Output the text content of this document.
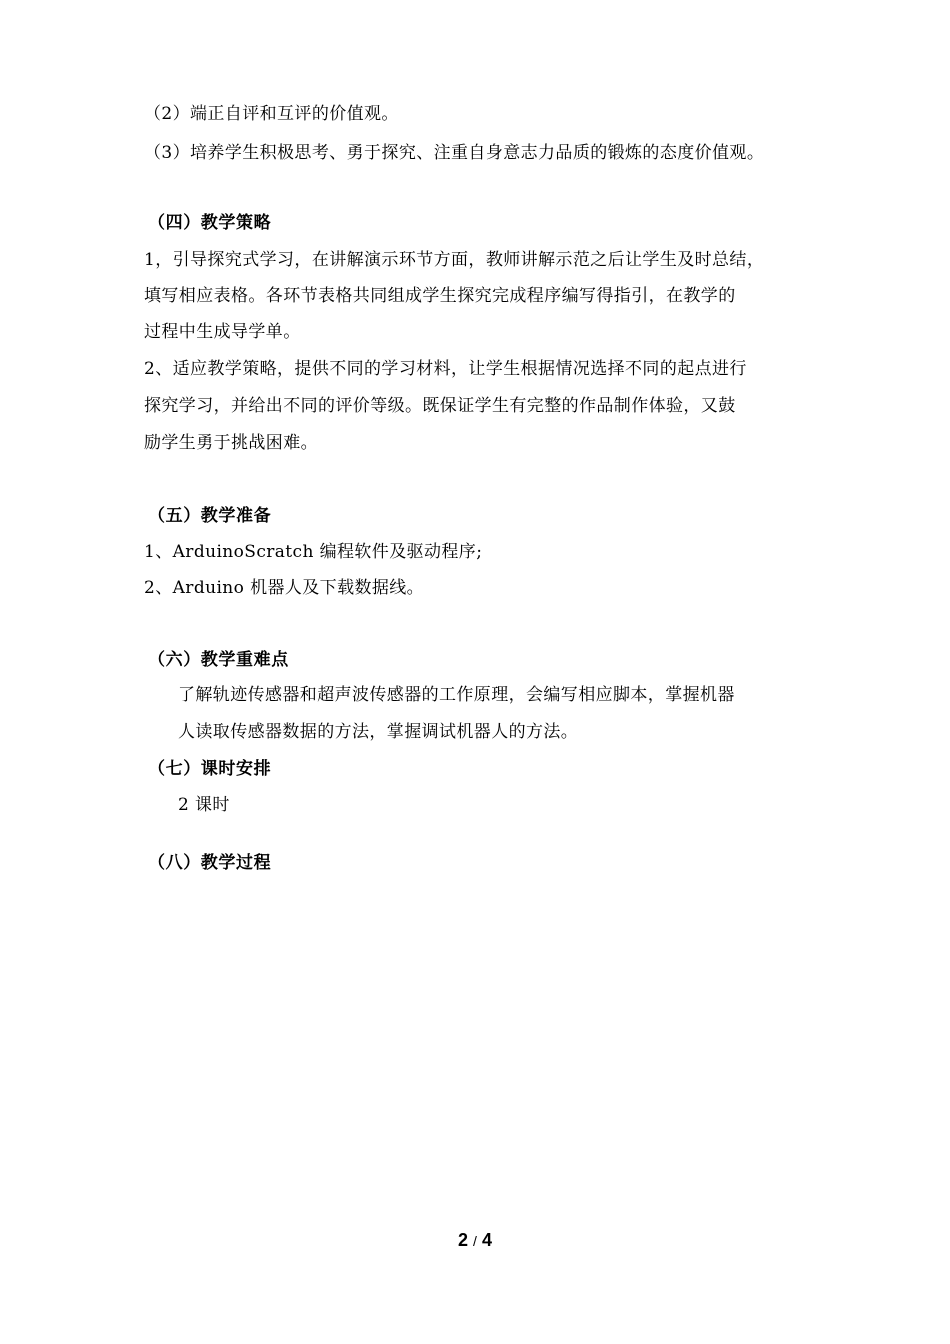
（2）端正自评和互评的价值观。
（3）培养学生积极思考、勇于探究、注重自身意志力品质的锻炼的态度价值观。
（四）教学策略
1，引导探究式学习，在讲解演示环节方面，教师讲解示范之后让学生及时总结，
填写相应表格。各环节表格共同组成学生探究完成程序编写得指引，在教学的
过程中生成导学单。
2、适应教学策略，提供不同的学习材料，让学生根据情况选择不同的起点进行
探究学习，并给出不同的评价等级。既保证学生有完整的作品制作体验，又鼓
励学生勇于挑战困难。
（五）教学准备
1、ArduinoScratch 编程软件及驱动程序;
2、Arduino 机器人及下载数据线。
（六）教学重难点
了解轨迹传感器和超声波传感器的工作原理，会编写相应脚本，掌握机器
人读取传感器数据的方法，掌握调试机器人的方法。
（七）课时安排
2 课时
（八）教学过程
2 / 4
